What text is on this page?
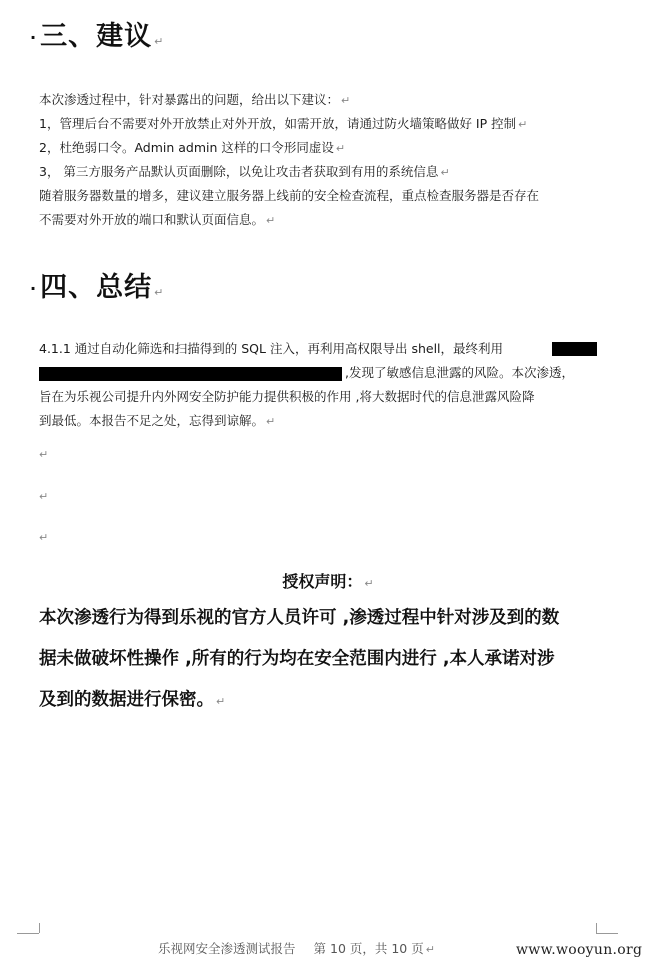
· 三、建议 ↵
本次渗透过程中，针对暴露出的问题，给出以下建议： ↵
1，管理后台不需要对外开放禁止对外开放，如需开放，请通过防火墙策略做好 IP 控制 ↵
2，杜绝弱口令。Admin admin 这样的口令形同虚设 ↵
3， 第三方服务产品默认页面删除，以免让攻击者获取到有用的系统信息 ↵
随着服务器数量的增多，建议建立服务器上线前的安全检查流程，重点检查服务器是否存在
不需要对外开放的端口和默认页面信息。 ↵
· 四、总结 ↵
4.1.1 通过自动化筛选和扫描得到的 SQL 注入，再利用高权限导出 shell，最终利用
,发现了敏感信息泄露的风险。本次渗透，
旨在为乐视公司提升内外网安全防护能力提供积极的作用 ,将大数据时代的信息泄露风险降
到最低。本报告不足之处，忘得到谅解。 ↵
↵
↵
↵
授权声明： ↵
本次渗透行为得到乐视的官方人员许可 ,渗透过程中针对涉及到的数
据未做破坏性操作 ,所有的行为均在安全范围内进行 ,本人承诺对涉
及到的数据进行保密。 ↵
乐视网安全渗透测试报告 第 10 页，共 10 页 ↵	www.wooyun.org
